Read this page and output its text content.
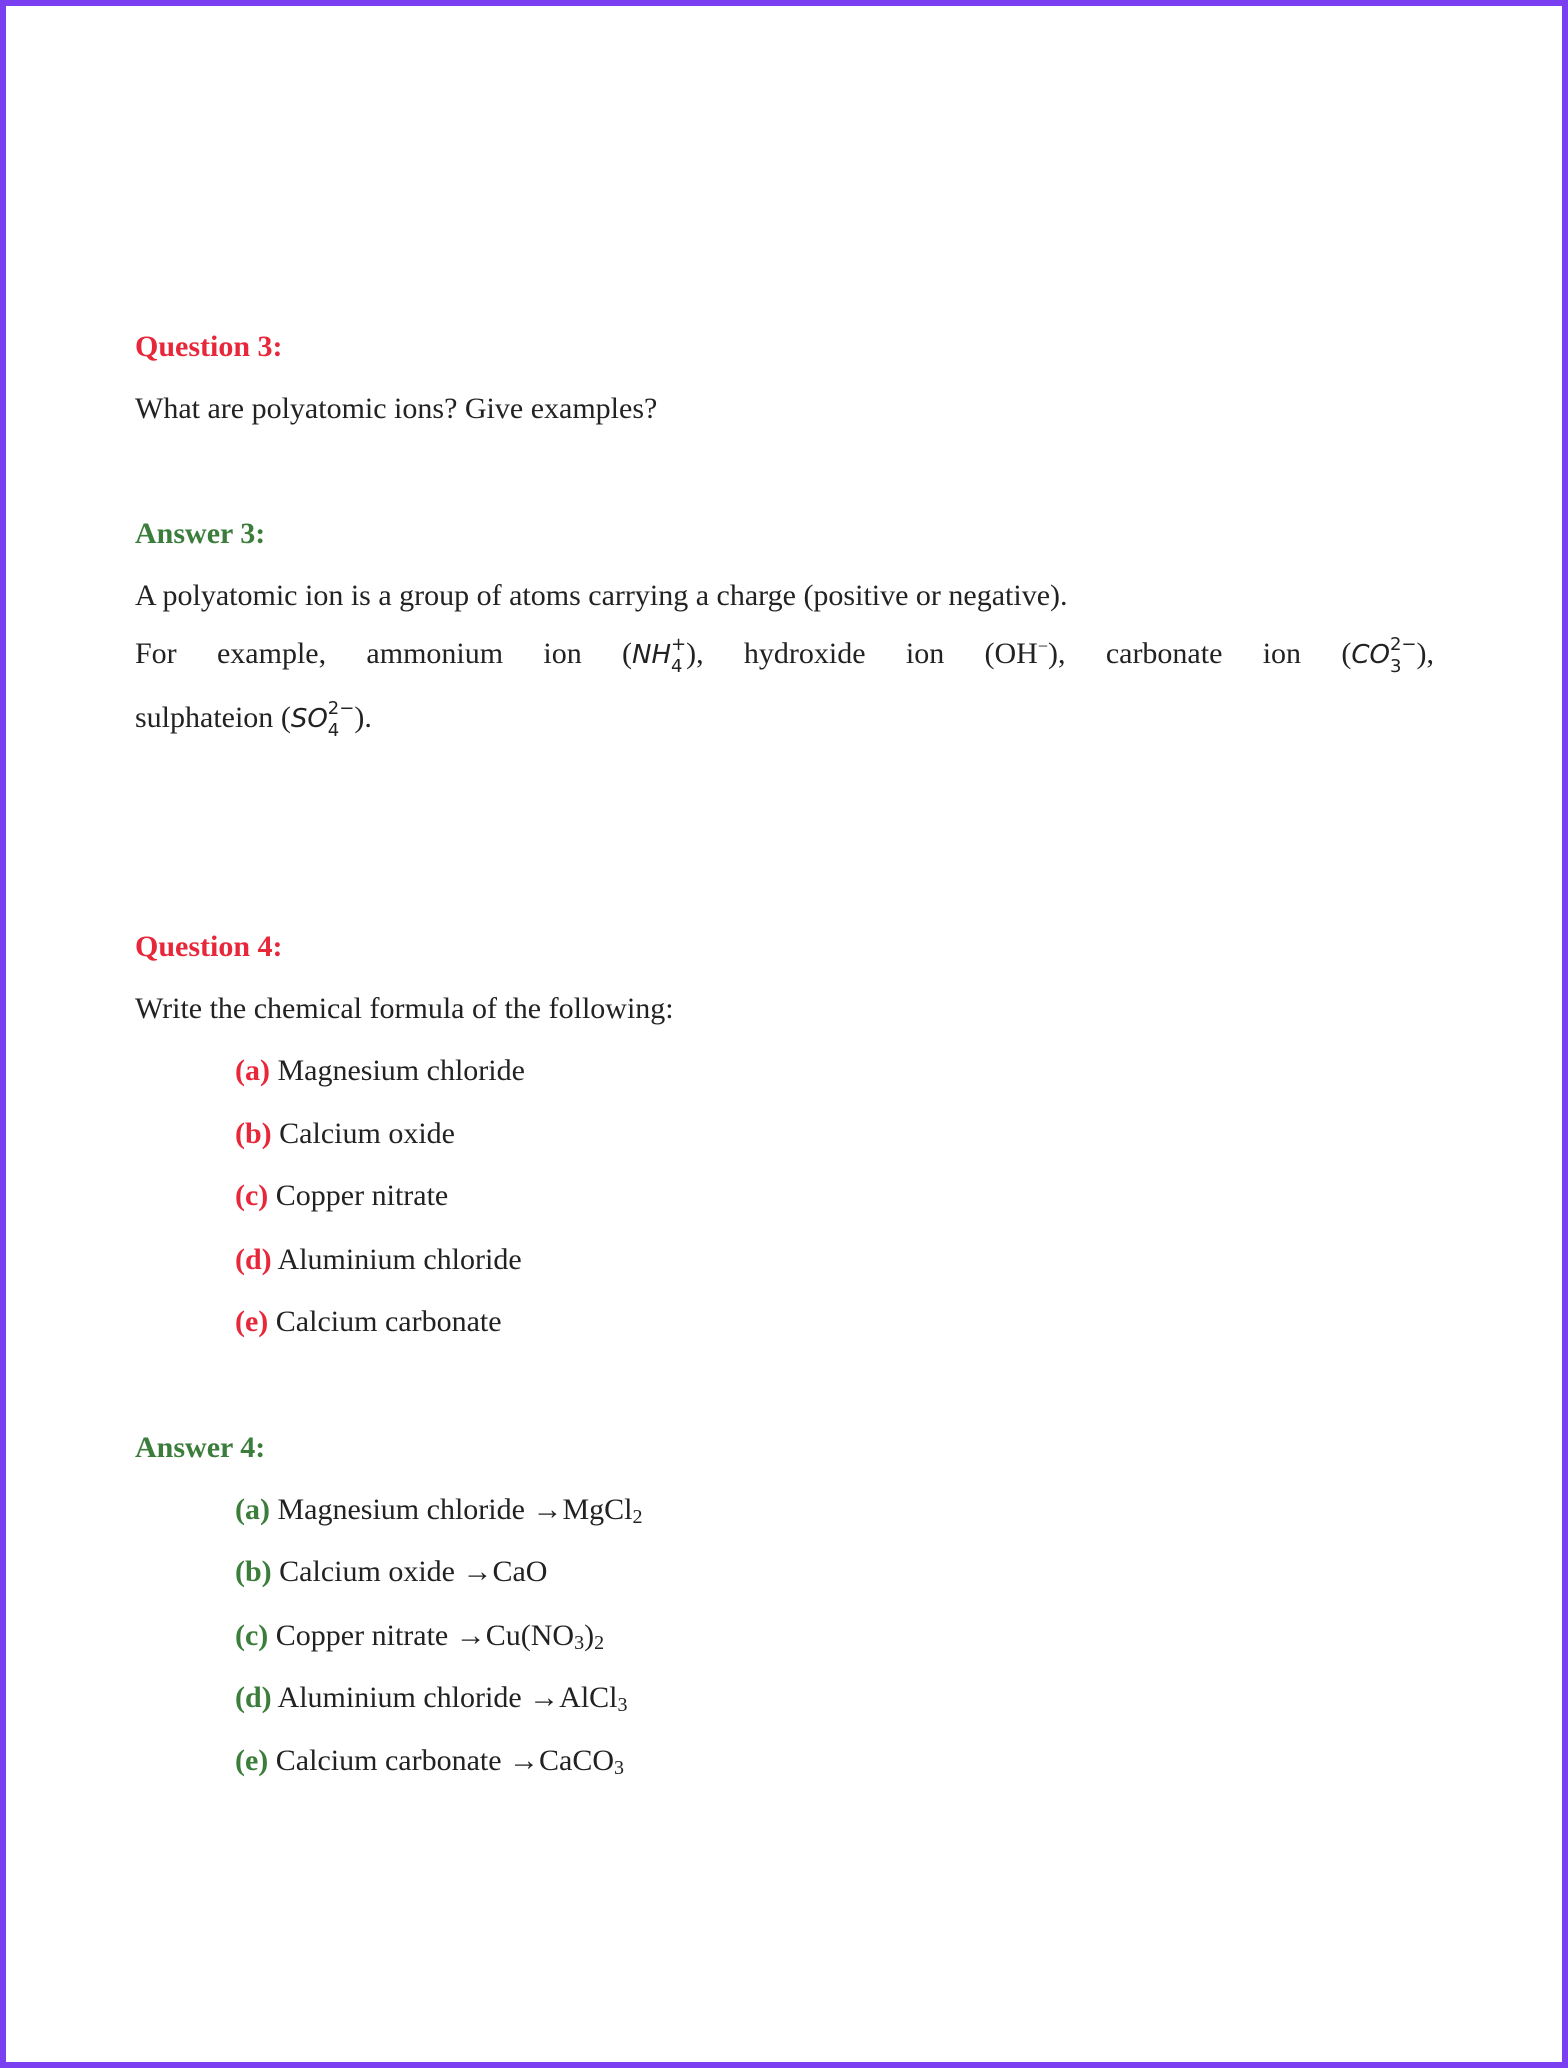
Question 3:
What are polyatomic ions? Give examples?
Answer 3:
A polyatomic ion is a group of atoms carrying a charge (positive or negative).
For example, ammonium ion (NH +
4 ), hydroxide ion (OH−), carbonate ion (CO 2−
3 ),
sulphateion (SO 2−
4 ).
Question 4:
Write the chemical formula of the following:
(a) Magnesium chloride
(b) Calcium oxide
(c) Copper nitrate
(d) Aluminium chloride
(e) Calcium carbonate
Answer 4:
(a) Magnesium chloride →MgCl2
(b) Calcium oxide →CaO
(c) Copper nitrate →Cu(NO3)2
(d) Aluminium chloride →AlCl3
(e) Calcium carbonate →CaCO3
